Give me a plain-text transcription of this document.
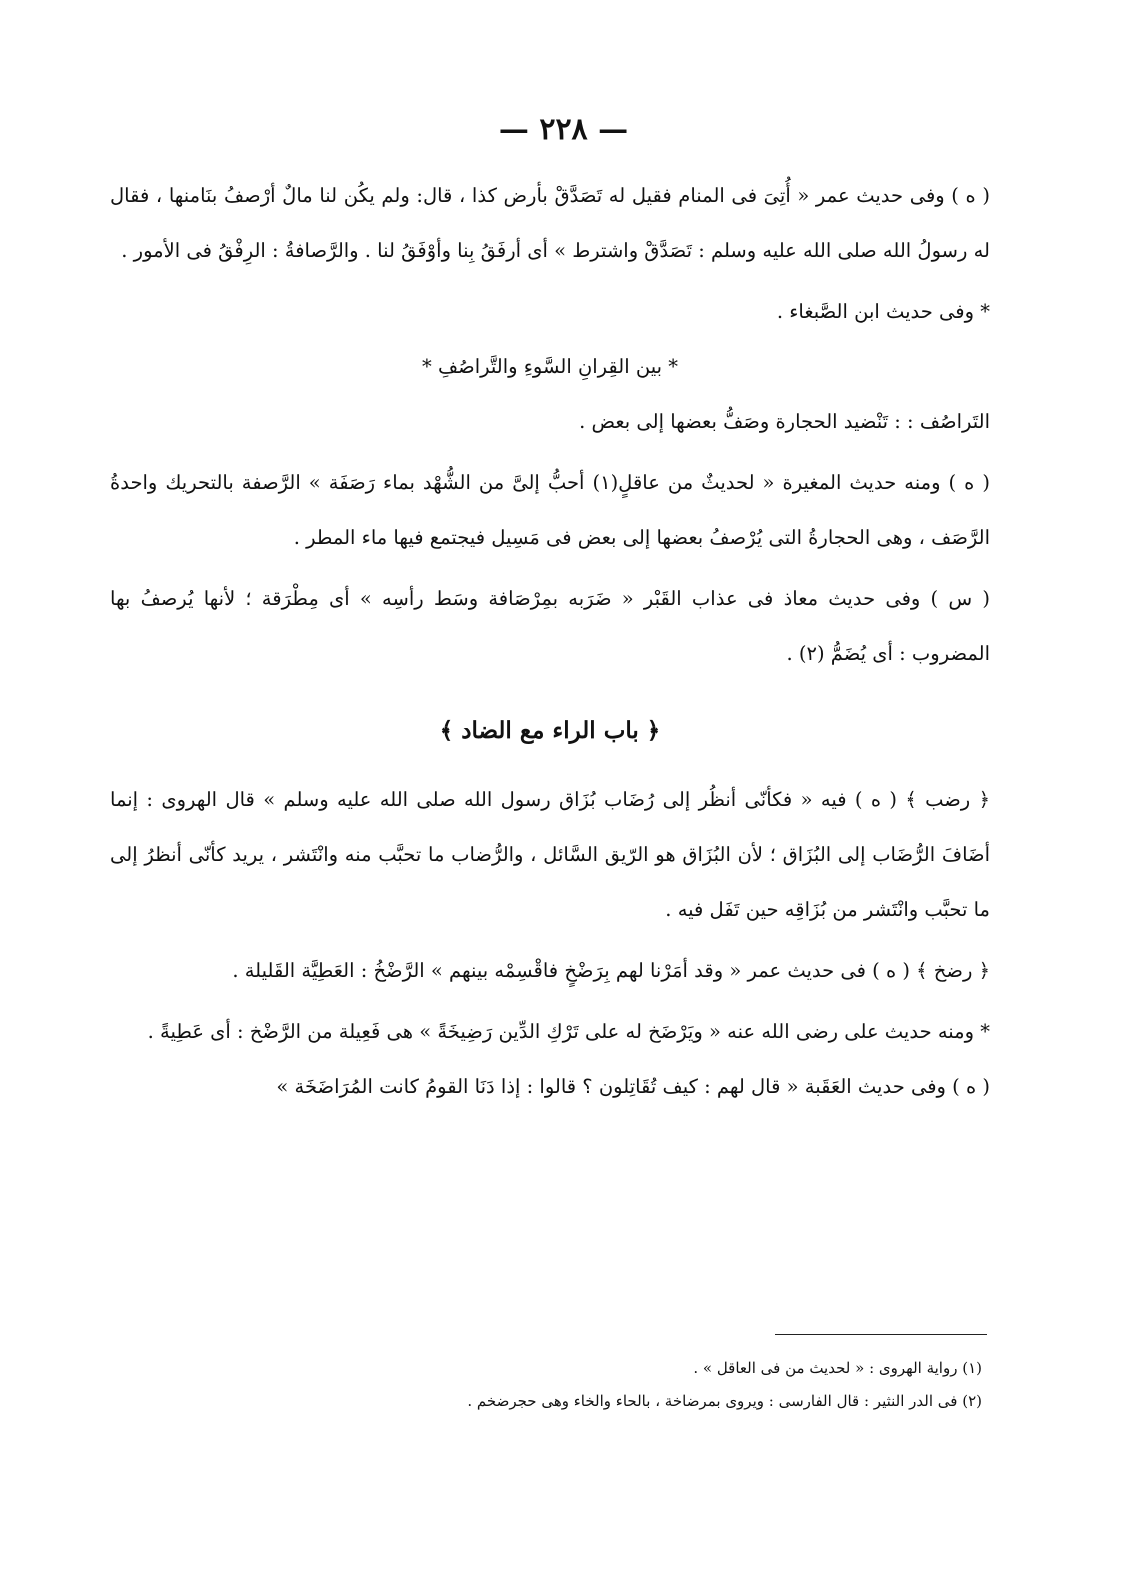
— ٢٢٨ —

( ه ) وفى حديث عمر « أُتِىَ فى المنام فقيل له تَصَدَّقْ بأرض كذا ، قال: ولم يكُن لنا مالٌ أرْصفُ بنَامنها ، فقال له رسولُ الله صلى الله عليه وسلم : تَصَدَّقْ واشترط » أى أرفَقُ بِنا وأوْفَقُ لنا . والرَّصافةُ : الرِفْقُ فى الأمور .

* وفى حديث ابن الصَّبغاء .

* بين القِرانِ السَّوءِ والتَّراصُفِ *

التَراصُف : : تَنْضيد الحجارة وصَفُّ بعضها إلى بعض .

( ه ) ومنه حديث المغيرة « لحديثٌ من عاقلٍ(١) أحبُّ إلىَّ من الشُّهْد بماء رَصَفَة » الرَّصفة بالتحريك واحدةُ الرَّصَف ، وهى الحجارةُ التى يُرْصفُ بعضها إلى بعض فى مَسِيل فيجتمع فيها ماء المطر .

( س ) وفى حديث معاذ فى عذاب القَبْر « ضَرَبه بمِرْصَافة وسَط رأسِه » أى مِطْرَقة ؛ لأنها يُرصفُ بها المضروب : أى يُضَمُّ (٢) .

﴿ باب الراء مع الضاد ﴾

﴿ رضب ﴾ ( ه ) فيه « فكأنّى أنظُر إلى رُضَاب بُزَاق رسول الله صلى الله عليه وسلم » قال الهروى : إنما أضَافَ الرُّضَاب إلى البُزَاق ؛ لأن البُزَاق هو الرّيق السَّائل ، والرُّضاب ما تحبَّب منه وانْتَشر ، يريد كأنّى أنظرُ إلى ما تحبَّب وانْتَشر من بُزَاقِه حين تَفَل فيه .

﴿ رضخ ﴾ ( ه ) فى حديث عمر « وقد أمَرْنا لهم بِرَضْخٍ فاقْسِمْه بينهم » الرَّضْخُ : العَطِيَّة القَليلة .

* ومنه حديث على رضى الله عنه « ويَرْضَخ له على تَرْكِ الدِّين رَضِيخَةً » هى فَعِيلة من الرَّضْخ : أى عَطِيةً .

( ه ) وفى حديث العَقَبة « قال لهم : كيف تُقَاتِلون ؟ قالوا : إذا دَنَا القومُ كانت المُرَاضَخَة »

(١) رواية الهروى : « لحديث من فى العاقل » .

(٢) فى الدر النثير : قال الفارسى : ويروى بمرضاخة ، بالحاء والخاء وهى حجرضخم .
